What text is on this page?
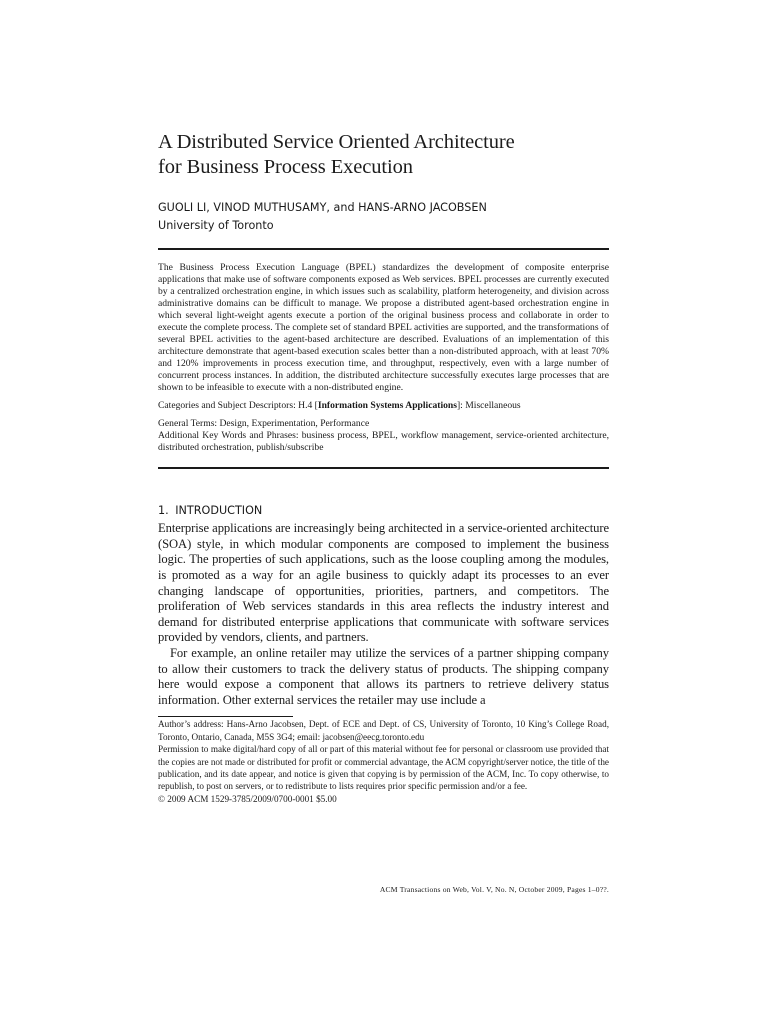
A Distributed Service Oriented Architecture
for Business Process Execution
GUOLI LI, VINOD MUTHUSAMY, and HANS-ARNO JACOBSEN
University of Toronto

The Business Process Execution Language (BPEL) standardizes the development of composite enterprise applications that make use of software components exposed as Web services. BPEL processes are currently executed by a centralized orchestration engine, in which issues such as scalability, platform heterogeneity, and division across administrative domains can be difficult to manage. We propose a distributed agent-based orchestration engine in which several light-weight agents execute a portion of the original business process and collaborate in order to execute the complete process. The complete set of standard BPEL activities are supported, and the transformations of several BPEL activities to the agent-based architecture are described. Evaluations of an implementation of this architecture demonstrate that agent-based execution scales better than a non-distributed approach, with at least 70% and 120% improvements in process execution time, and throughput, respectively, even with a large number of concurrent process instances. In addition, the distributed architecture successfully executes large processes that are shown to be infeasible to execute with a non-distributed engine.

Categories and Subject Descriptors: H.4 [Information Systems Applications]: Miscellaneous
General Terms: Design, Experimentation, Performance
Additional Key Words and Phrases: business process, BPEL, workflow management, service-oriented architecture, distributed orchestration, publish/subscribe
1. INTRODUCTION

Enterprise applications are increasingly being architected in a service-oriented architecture (SOA) style, in which modular components are composed to implement the business logic. The properties of such applications, such as the loose coupling among the modules, is promoted as a way for an agile business to quickly adapt its processes to an ever changing landscape of opportunities, priorities, partners, and competitors. The proliferation of Web services standards in this area reflects the industry interest and demand for distributed enterprise applications that communicate with software services provided by vendors, clients, and partners.

For example, an online retailer may utilize the services of a partner shipping company to allow their customers to track the delivery status of products. The shipping company here would expose a component that allows its partners to retrieve delivery status information. Other external services the retailer may use include a

Author’s address: Hans-Arno Jacobsen, Dept. of ECE and Dept. of CS, University of Toronto, 10 King’s College Road, Toronto, Ontario, Canada, M5S 3G4; email: jacobsen@eecg.toronto.edu

Permission to make digital/hard copy of all or part of this material without fee for personal or classroom use provided that the copies are not made or distributed for profit or commercial advantage, the ACM copyright/server notice, the title of the publication, and its date appear, and notice is given that copying is by permission of the ACM, Inc. To copy otherwise, to republish, to post on servers, or to redistribute to lists requires prior specific permission and/or a fee.

© 2009 ACM 1529-3785/2009/0700-0001 $5.00

ACM Transactions on Web, Vol. V, No. N, October 2009, Pages 1–0??.
